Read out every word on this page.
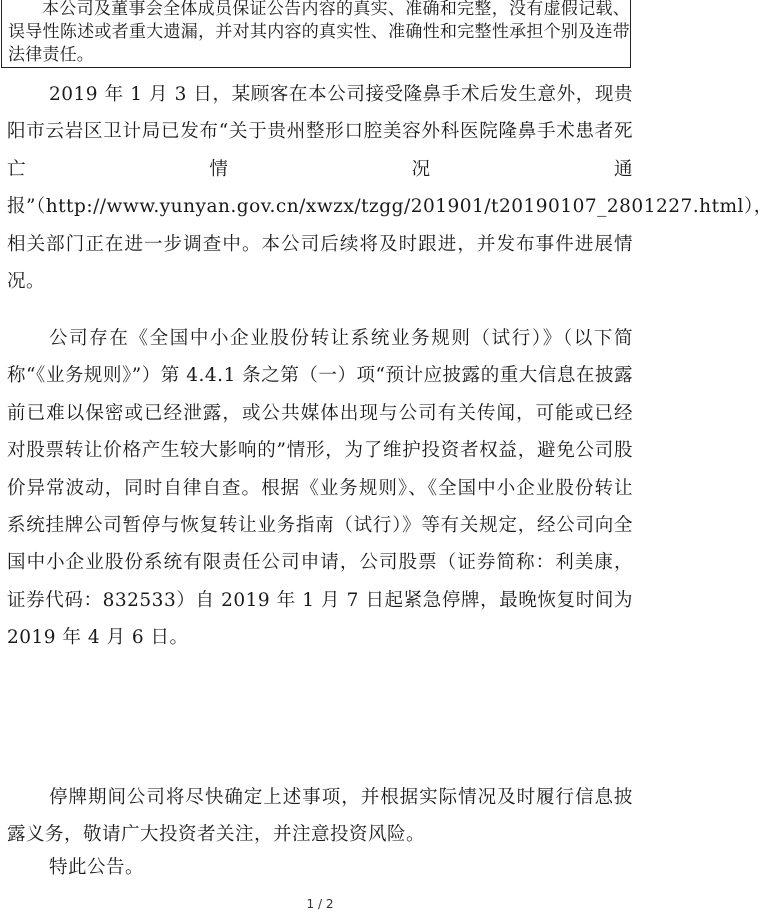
本公司及董事会全体成员保证公告内容的真实、准确和完整，没有虚假记载、误导性陈述或者重大遗漏，并对其内容的真实性、准确性和完整性承担个别及连带法律责任。

2019 年 1 月 3 日，某顾客在本公司接受隆鼻手术后发生意外，现贵阳市云岩区卫计局已发布“关于贵州整形口腔美容外科医院隆鼻手术患者死亡情况通报”（http://www.yunyan.gov.cn/xwzx/tzgg/201901/t20190107_2801227.html），相关部门正在进一步调查中。本公司后续将及时跟进，并发布事件进展情况。

公司存在《全国中小企业股份转让系统业务规则（试行）》（以下简称“《业务规则》”）第 4.4.1 条之第（一）项“预计应披露的重大信息在披露前已难以保密或已经泄露，或公共媒体出现与公司有关传闻，可能或已经对股票转让价格产生较大影响的”情形，为了维护投资者权益，避免公司股价异常波动，同时自律自查。根据《业务规则》、《全国中小企业股份转让系统挂牌公司暂停与恢复转让业务指南（试行）》等有关规定，经公司向全国中小企业股份系统有限责任公司申请，公司股票（证券简称：利美康，证券代码：832533）自 2019 年 1 月 7 日起紧急停牌，最晚恢复时间为 2019 年 4 月 6 日。

停牌期间公司将尽快确定上述事项，并根据实际情况及时履行信息披露义务，敬请广大投资者关注，并注意投资风险。

特此公告。

1 / 2
